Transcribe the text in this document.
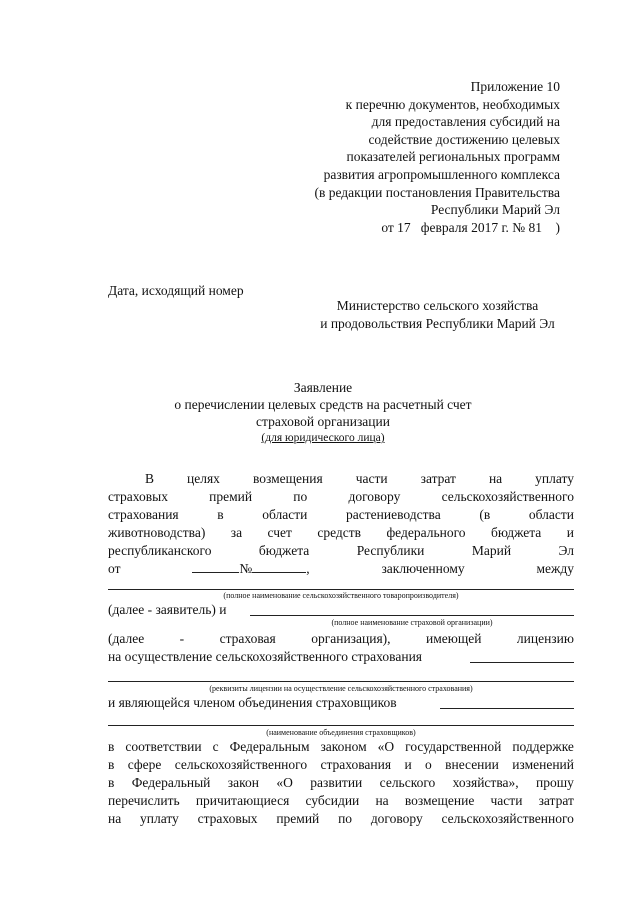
Приложение 10
к перечню документов, необходимых
для предоставления субсидий на
содействие достижению целевых
показателей региональных программ
развития агропромышленного комплекса
(в редакции постановления Правительства
Республики Марий Эл
от 17   февраля 2017 г. № 81    )
Дата, исходящий номер
Министерство сельского хозяйства
и продовольствия Республики Марий Эл
Заявление
о перечислении целевых средств на расчетный счет
страховой организации
(для юридического лица)
В целях возмещения части затрат на уплату
страховых	премий	по	договору	сельскохозяйственного
страхования	в	области	растениеводства	(в	области
животноводства) за счет средств федерального бюджета и
республиканского	бюджета	Республики	Марий	Эл
от	№	,	заключенному	между
(полное наименование сельскохозяйственного товаропроизводителя)
(далее - заявитель) и
(полное наименование страховой организации)
(далее	-	страховая	организация),	имеющей	лицензию
на осуществление сельскохозяйственного страхования
(реквизиты лицензии на осуществление сельскохозяйственного страхования)
и являющейся членом объединения страховщиков
(наименование объединения страховщиков)
в соответствии с Федеральным законом «О государственной поддержке
в сфере сельскохозяйственного страхования и о внесении изменений
в Федеральный закон «О развитии сельского хозяйства», прошу
перечислить причитающиеся субсидии на возмещение части затрат
на уплату страховых премий по договору сельскохозяйственного
